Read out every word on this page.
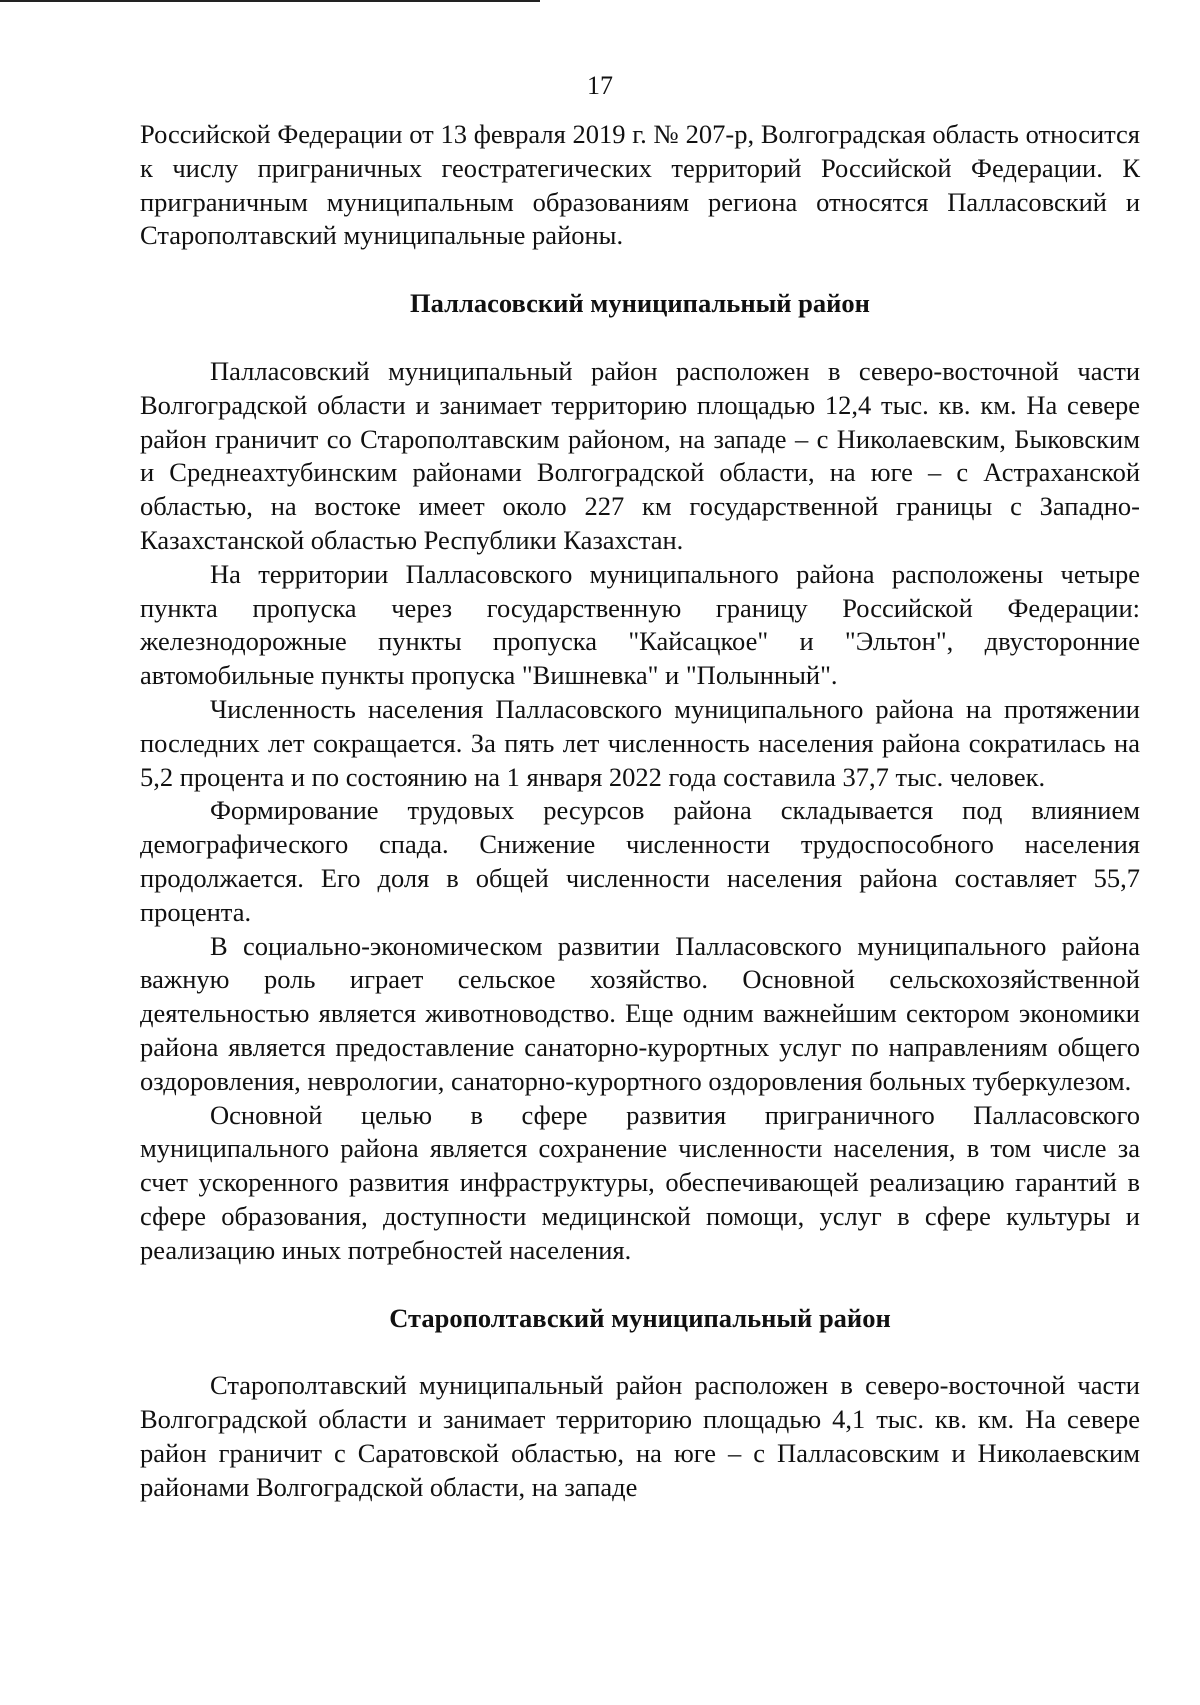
17

Российской Федерации от 13 февраля 2019 г. № 207-р, Волгоградская область относится к числу приграничных геостратегических территорий Российской Федерации. К приграничным муниципальным образованиям региона относятся Палласовский и Старополтавский муниципальные районы.

Палласовский муниципальный район

Палласовский муниципальный район расположен в северо-восточной части Волгоградской области и занимает территорию площадью 12,4 тыс. кв. км. На севере район граничит со Старополтавским районом, на западе – с Николаевским, Быковским и Среднеахтубинским районами Волгоградской области, на юге – с Астраханской областью, на востоке имеет около 227 км государственной границы с Западно-Казахстанской областью Республики Казахстан.

На территории Палласовского муниципального района расположены четыре пункта пропуска через государственную границу Российской Федерации: железнодорожные пункты пропуска "Кайсацкое" и "Эльтон", двусторонние автомобильные пункты пропуска "Вишневка" и "Полынный".

Численность населения Палласовского муниципального района на протяжении последних лет сокращается. За пять лет численность населения района сократилась на 5,2 процента и по состоянию на 1 января 2022 года составила 37,7 тыс. человек.

Формирование трудовых ресурсов района складывается под влиянием демографического спада. Снижение численности трудоспособного населения продолжается. Его доля в общей численности населения района составляет 55,7 процента.

В социально-экономическом развитии Палласовского муниципального района важную роль играет сельское хозяйство. Основной сельскохозяйственной деятельностью является животноводство. Еще одним важнейшим сектором экономики района является предоставление санаторно-курортных услуг по направлениям общего оздоровления, неврологии, санаторно-курортного оздоровления больных туберкулезом.

Основной целью в сфере развития приграничного Палласовского муниципального района является сохранение численности населения, в том числе за счет ускоренного развития инфраструктуры, обеспечивающей реализацию гарантий в сфере образования, доступности медицинской помощи, услуг в сфере культуры и реализацию иных потребностей населения.

Старополтавский муниципальный район

Старополтавский муниципальный район расположен в северо-восточной части Волгоградской области и занимает территорию площадью 4,1 тыс. кв. км. На севере район граничит с Саратовской областью, на юге – с Палласовским и Николаевским районами Волгоградской области, на западе
